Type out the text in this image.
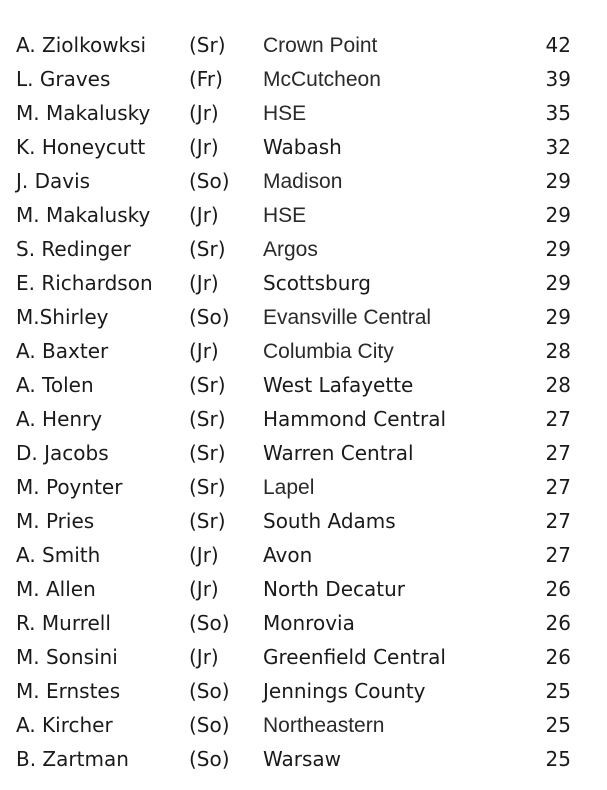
A. Ziolkowksi (Sr) Crown Point	42
L. Graves	(Fr) McCutcheon	39
M. Makalusky (Jr) HSE	35
K. Honeycutt (Jr) Wabash	32
J. Davis	(So) Madison	29
M. Makalusky (Jr) HSE	29
S. Redinger	(Sr) Argos	29
E. Richardson (Jr) Scottsburg	29
M.Shirley	(So) Evansville Central	29
A. Baxter	(Jr) Columbia City	28
A. Tolen	(Sr) West Lafayette	28
A. Henry	(Sr) Hammond Central	27
D. Jacobs	(Sr) Warren Central	27
M. Poynter	(Sr) Lapel	27
M. Pries	(Sr) South Adams	27
A. Smith	(Jr) Avon	27
M. Allen	(Jr) North Decatur	26
R. Murrell	(So) Monrovia	26
M. Sonsini	(Jr) Greenfield Central	26
M. Ernstes	(So) Jennings County	25
A. Kircher	(So) Northeastern	25
B. Zartman	(So) Warsaw	25
